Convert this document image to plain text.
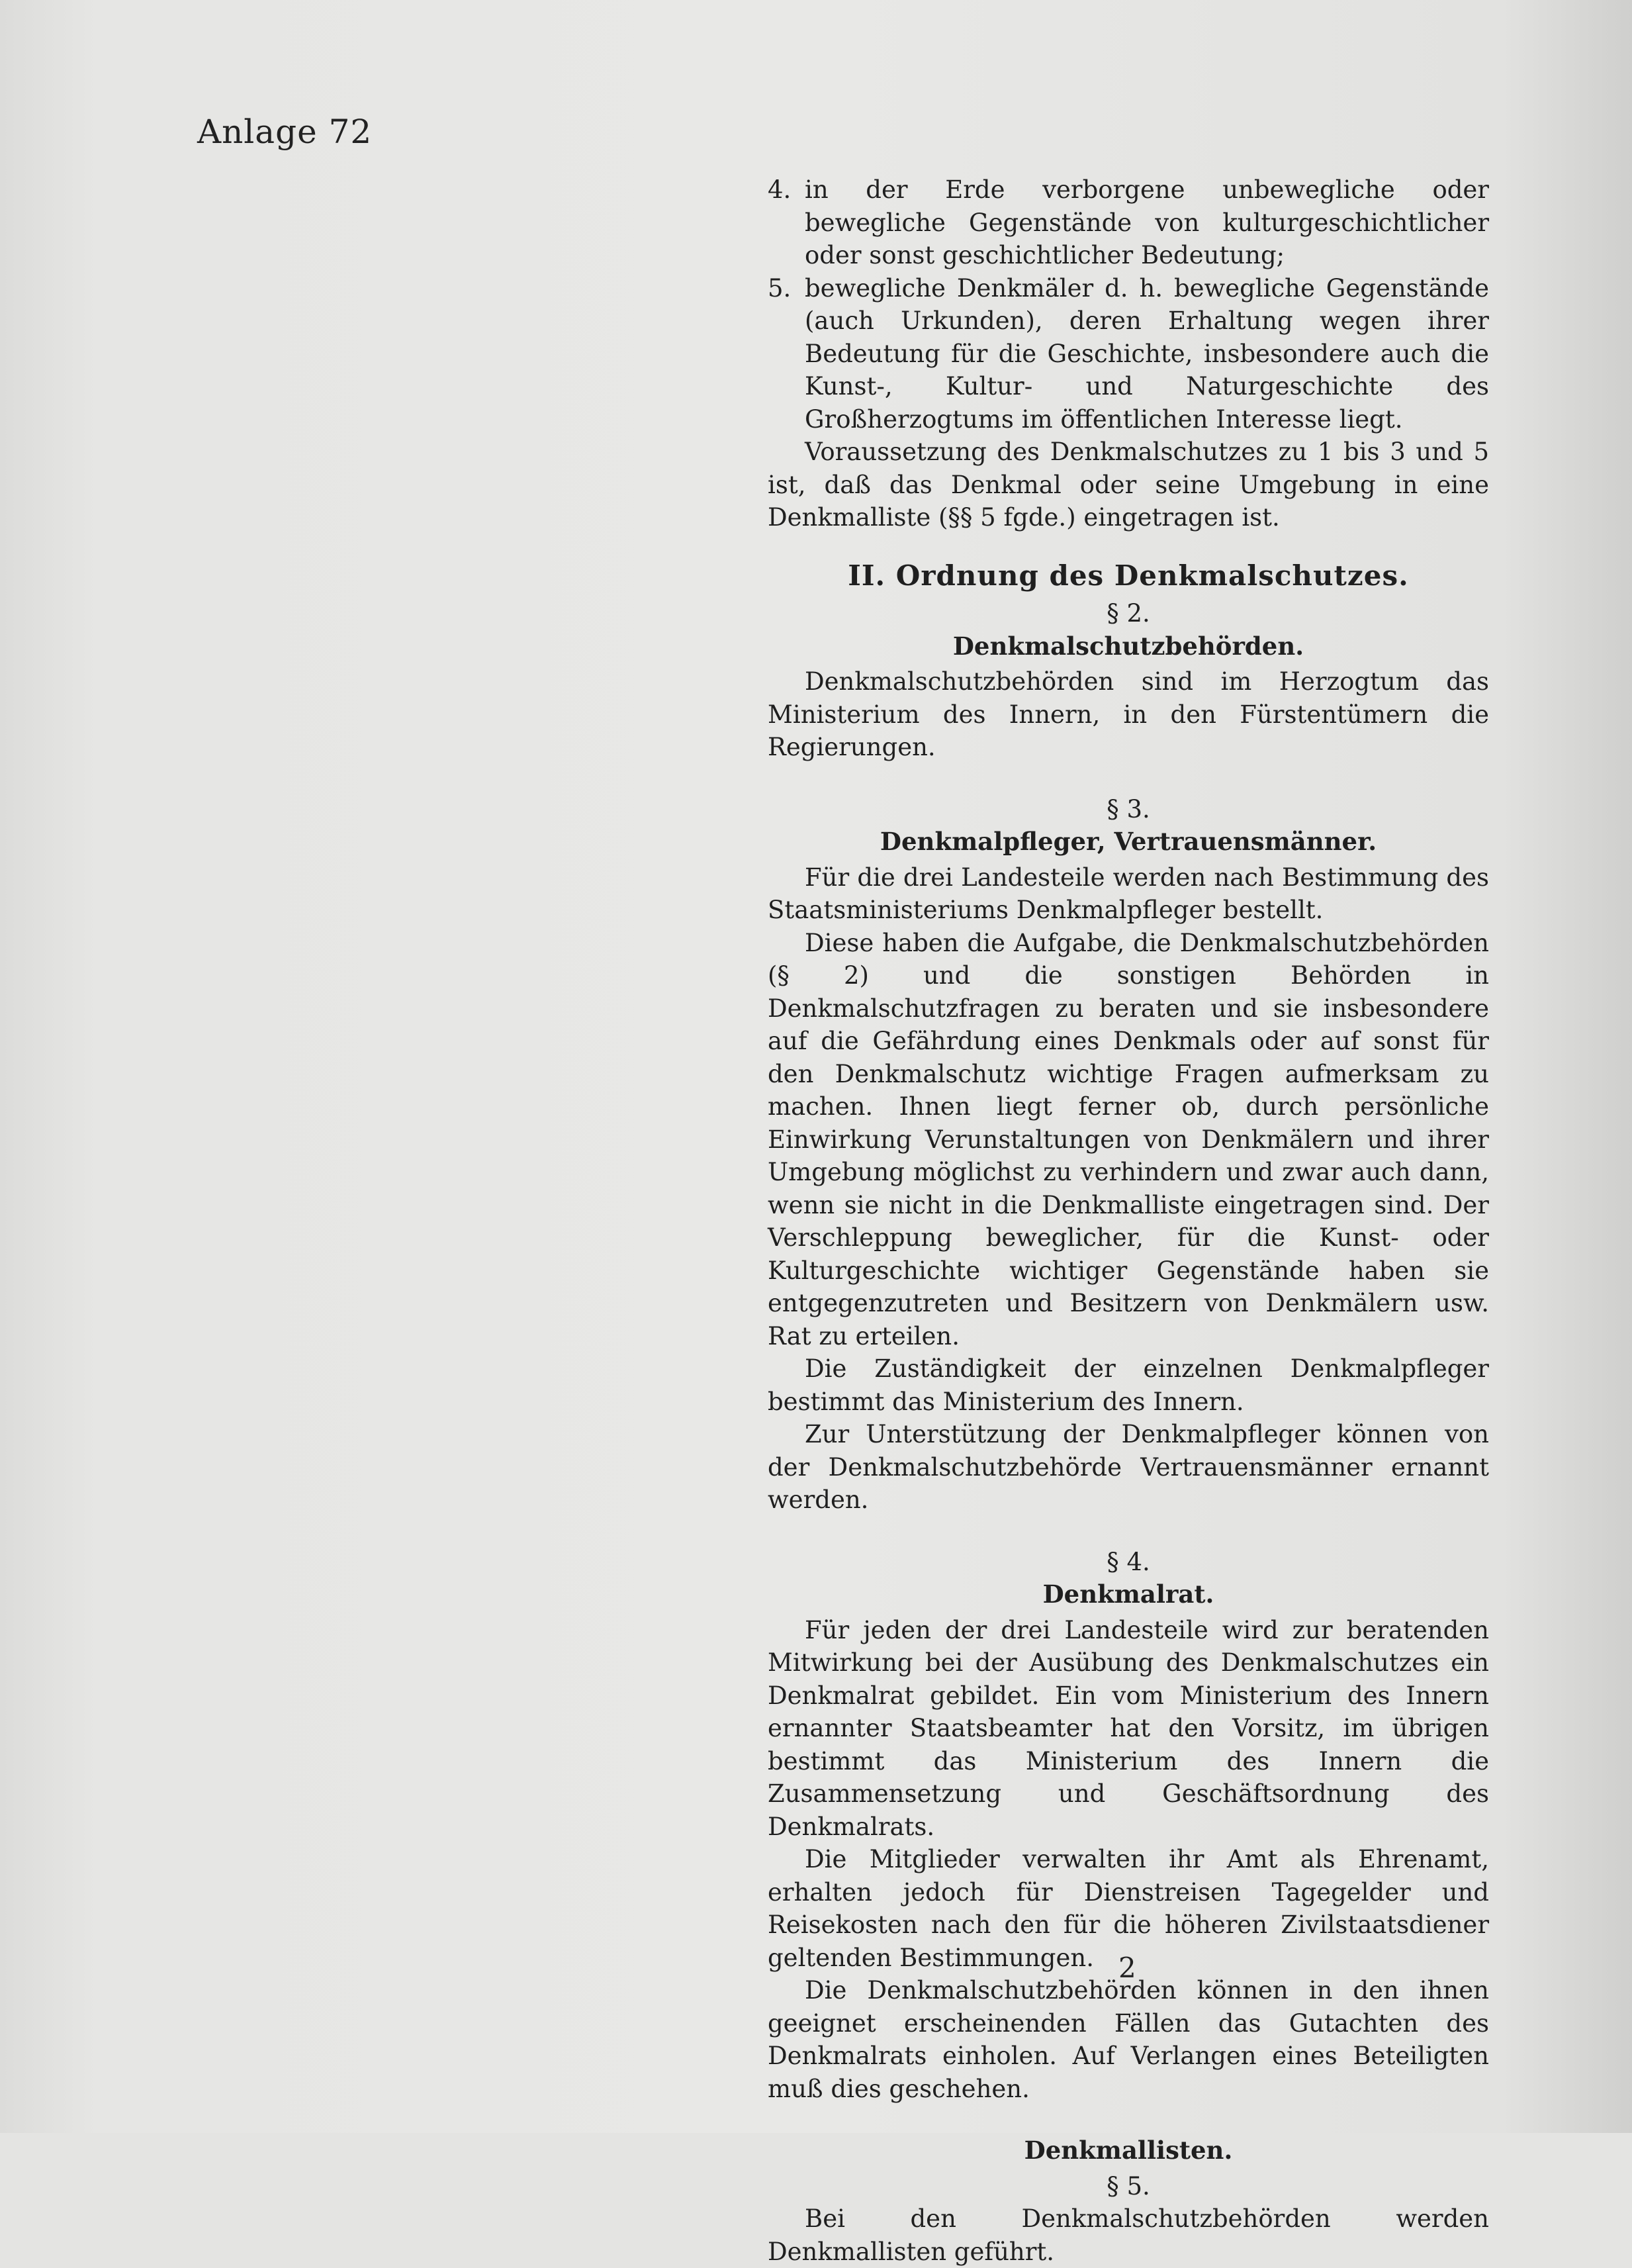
Anlage 72
4. in der Erde verborgene unbewegliche oder bewegliche Gegenstände von kulturgeschichtlicher oder sonst geschichtlicher Bedeutung;
5. bewegliche Denkmäler d. h. bewegliche Gegenstände (auch Urkunden), deren Erhaltung wegen ihrer Bedeutung für die Geschichte, insbesondere auch die Kunst-, Kultur- und Naturgeschichte des Großherzogtums im öffentlichen Interesse liegt.

Voraussetzung des Denkmalschutzes zu 1 bis 3 und 5 ist, daß das Denkmal oder seine Umgebung in eine Denkmalliste (§§ 5 fgde.) eingetragen ist.

II. Ordnung des Denkmalschutzes.
§ 2.
Denkmalschutzbehörden.

Denkmalschutzbehörden sind im Herzogtum das Ministerium des Innern, in den Fürstentümern die Regierungen.

§ 3.
Denkmalpfleger, Vertrauensmänner.

Für die drei Landesteile werden nach Bestimmung des Staatsministeriums Denkmalpfleger bestellt.

Diese haben die Aufgabe, die Denkmalschutzbehörden (§ 2) und die sonstigen Behörden in Denkmalschutzfragen zu beraten und sie insbesondere auf die Gefährdung eines Denkmals oder auf sonst für den Denkmalschutz wichtige Fragen aufmerksam zu machen. Ihnen liegt ferner ob, durch persönliche Einwirkung Verunstaltungen von Denkmälern und ihrer Umgebung möglichst zu verhindern und zwar auch dann, wenn sie nicht in die Denkmalliste eingetragen sind. Der Verschleppung beweglicher, für die Kunst- oder Kulturgeschichte wichtiger Gegenstände haben sie entgegenzutreten und Besitzern von Denkmälern usw. Rat zu erteilen.

Die Zuständigkeit der einzelnen Denkmalpfleger bestimmt das Ministerium des Innern.

Zur Unterstützung der Denkmalpfleger können von der Denkmalschutzbehörde Vertrauensmänner ernannt werden.

§ 4.
Denkmalrat.

Für jeden der drei Landesteile wird zur beratenden Mitwirkung bei der Ausübung des Denkmalschutzes ein Denkmalrat gebildet. Ein vom Ministerium des Innern ernannter Staatsbeamter hat den Vorsitz, im übrigen bestimmt das Ministerium des Innern die Zusammensetzung und Geschäftsordnung des Denkmalrats.

Die Mitglieder verwalten ihr Amt als Ehrenamt, erhalten jedoch für Dienstreisen Tagegelder und Reisekosten nach den für die höheren Zivilstaatsdiener geltenden Bestimmungen.

Die Denkmalschutzbehörden können in den ihnen geeignet erscheinenden Fällen das Gutachten des Denkmalrats einholen. Auf Verlangen eines Beteiligten muß dies geschehen.

Denkmallisten.
§ 5.

Bei den Denkmalschutzbehörden werden Denkmallisten geführt.

2
